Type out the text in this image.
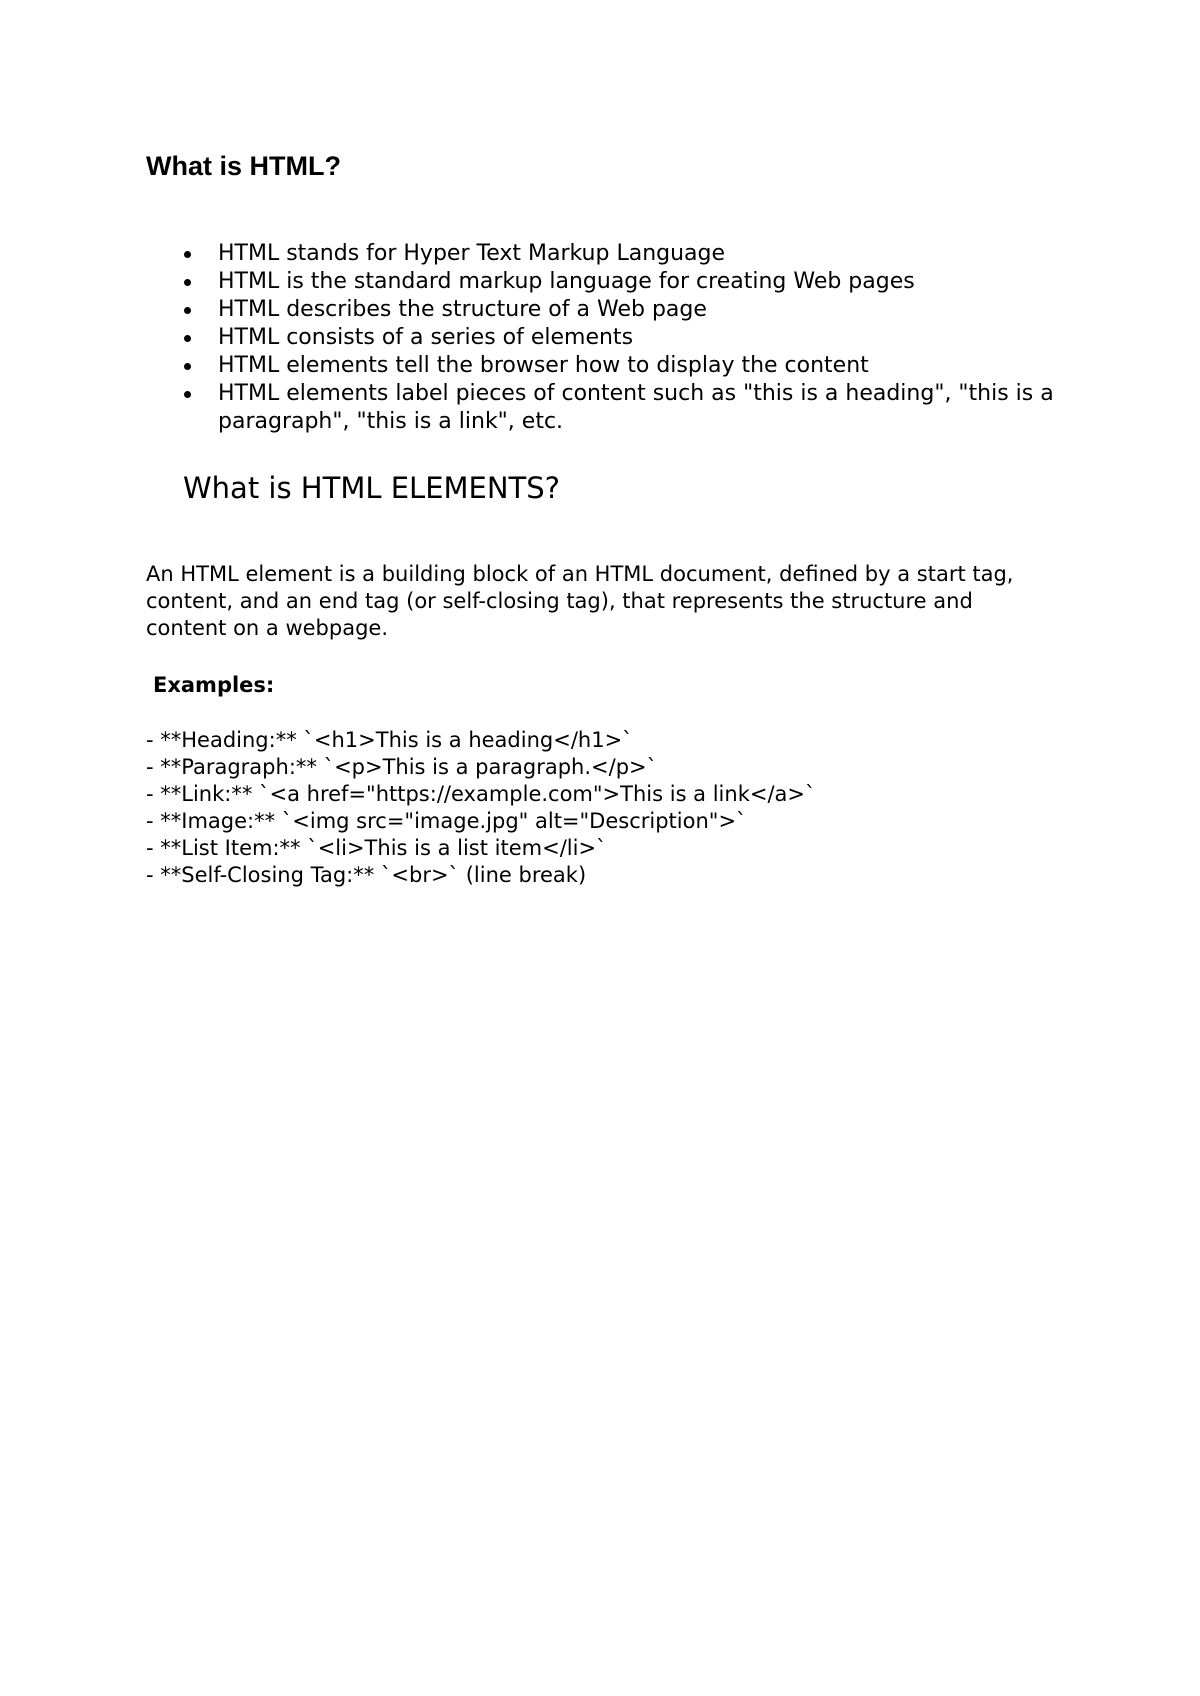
What is HTML?
HTML stands for Hyper Text Markup Language
HTML is the standard markup language for creating Web pages
HTML describes the structure of a Web page
HTML consists of a series of elements
HTML elements tell the browser how to display the content
HTML elements label pieces of content such as "this is a heading", "this is a paragraph", "this is a link", etc.
What is HTML ELEMENTS?

An HTML element is a building block of an HTML document, defined by a start tag, content, and an end tag (or self-closing tag), that represents the structure and content on a webpage.

Examples:

- **Heading:** `<h1>This is a heading</h1>`
- **Paragraph:** `<p>This is a paragraph.</p>`
- **Link:** `<a href="https://example.com">This is a link</a>`
- **Image:** `<img src="image.jpg" alt="Description">`
- **List Item:** `<li>This is a list item</li>`
- **Self-Closing Tag:** `<br>` (line break)
